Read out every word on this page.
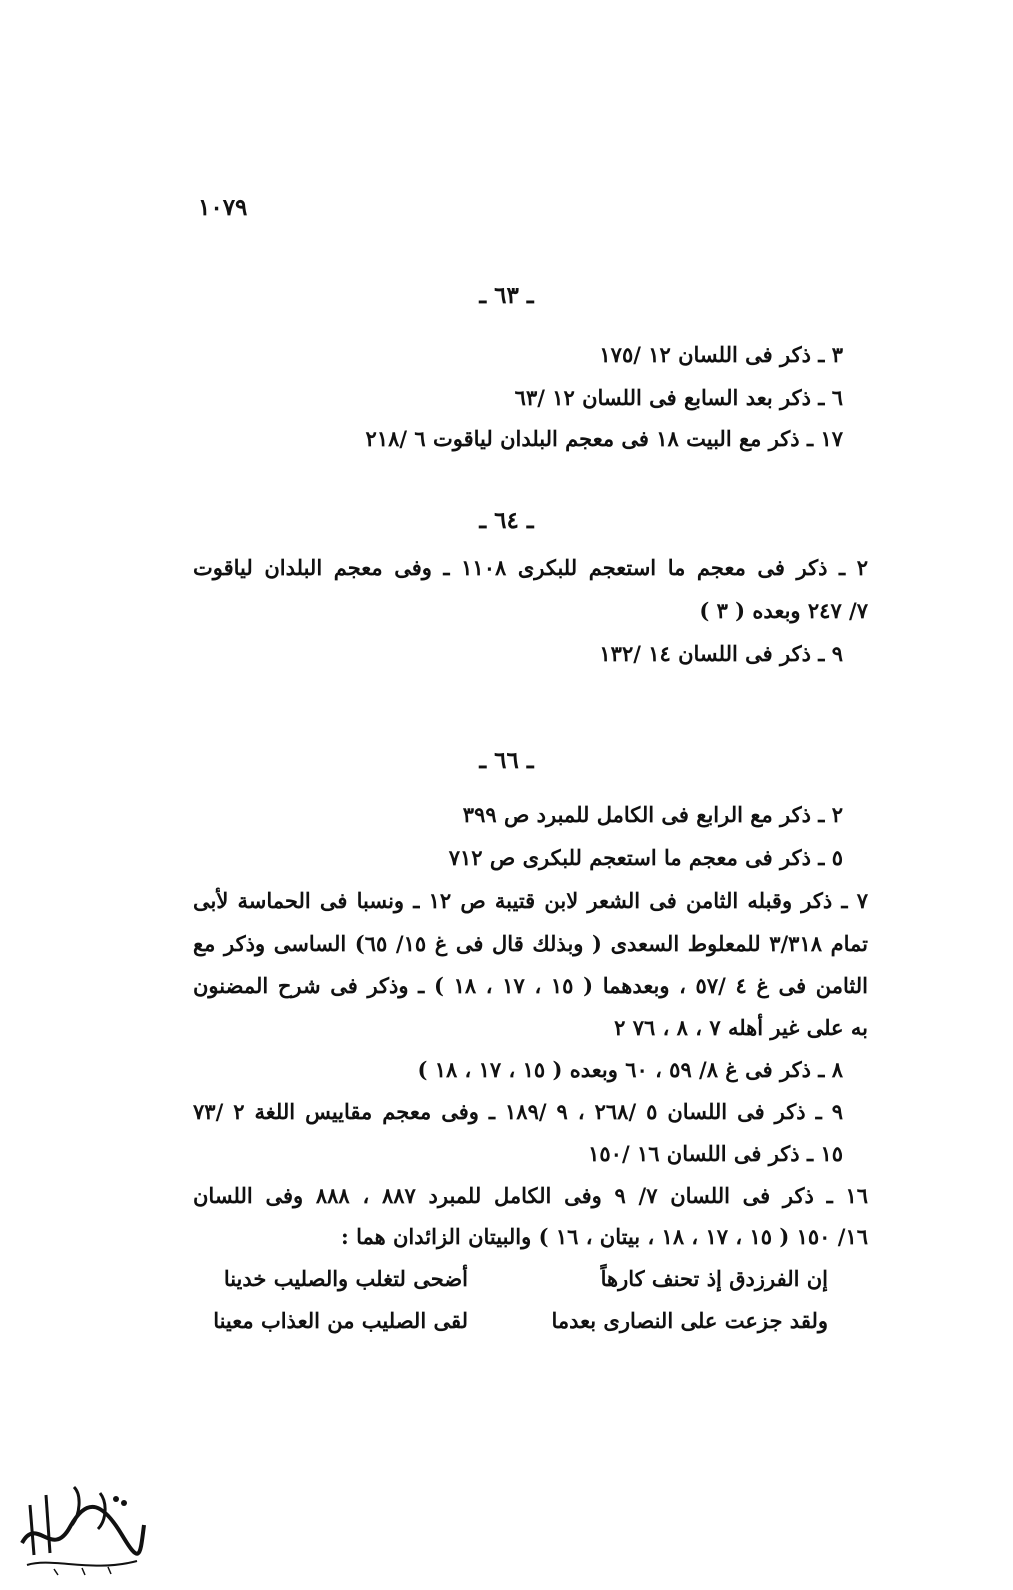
١٠٧٩
ـ ٦٣ ـ
٣ ـ ذكر فى اللسان ١٢ /١٧٥
٦ ـ ذكر بعد السابع فى اللسان ١٢ /٦٣
١٧ ـ ذكر مع البيت ١٨ فى معجم البلدان لياقوت ٦ /٢١٨
ـ ٦٤ ـ
٢ ـ ذكر فى معجم ما استعجم للبكرى ١١٠٨ ـ وفى معجم البلدان لياقوت
٧/ ٢٤٧ وبعده ( ٣ )
٩ ـ ذكر فى اللسان ١٤ /١٣٢
ـ ٦٦ ـ
٢ ـ ذكر مع الرابع فى الكامل للمبرد ص ٣٩٩
٥ ـ ذكر فى معجم ما استعجم للبكرى ص ٧١٢
٧ ـ ذكر وقبله الثامن فى الشعر لابن قتيبة ص ١٢ ـ ونسبا فى الحماسة لأبى
تمام ٣/٣١٨ للمعلوط السعدى ( وبذلك قال فى غ ١٥/ ٦٥) الساسى وذكر مع
الثامن فى غ ٤ /٥٧ ، وبعدهما ( ١٥ ، ١٧ ، ١٨ ) ـ وذكر فى شرح المضنون
به على غير أهله ٧ ، ٨ ، ٧٦ ٢
٨ ـ ذكر فى غ ٨/ ٥٩ ، ٦٠ وبعده ( ١٥ ، ١٧ ، ١٨ )
٩ ـ ذكر فى اللسان ٥ /٢٦٨ ، ٩ /١٨٩ ـ وفى معجم مقاييس اللغة ٢ /٧٣
١٥ ـ ذكر فى اللسان ١٦ /١٥٠
١٦ ـ ذكر فى اللسان ٧/ ٩ وفى الكامل للمبرد ٨٨٧ ، ٨٨٨ وفى اللسان
١٦/ ١٥٠ ( ١٥ ، ١٧ ، ١٨ ، بيتان ، ١٦ ) والبيتان الزائدان هما :
إن الفرزدق إذ تحنف كارهاً
أضحى لتغلب والصليب خدينا
ولقد جزعت على النصارى بعدما
لقى الصليب من العذاب معينا
